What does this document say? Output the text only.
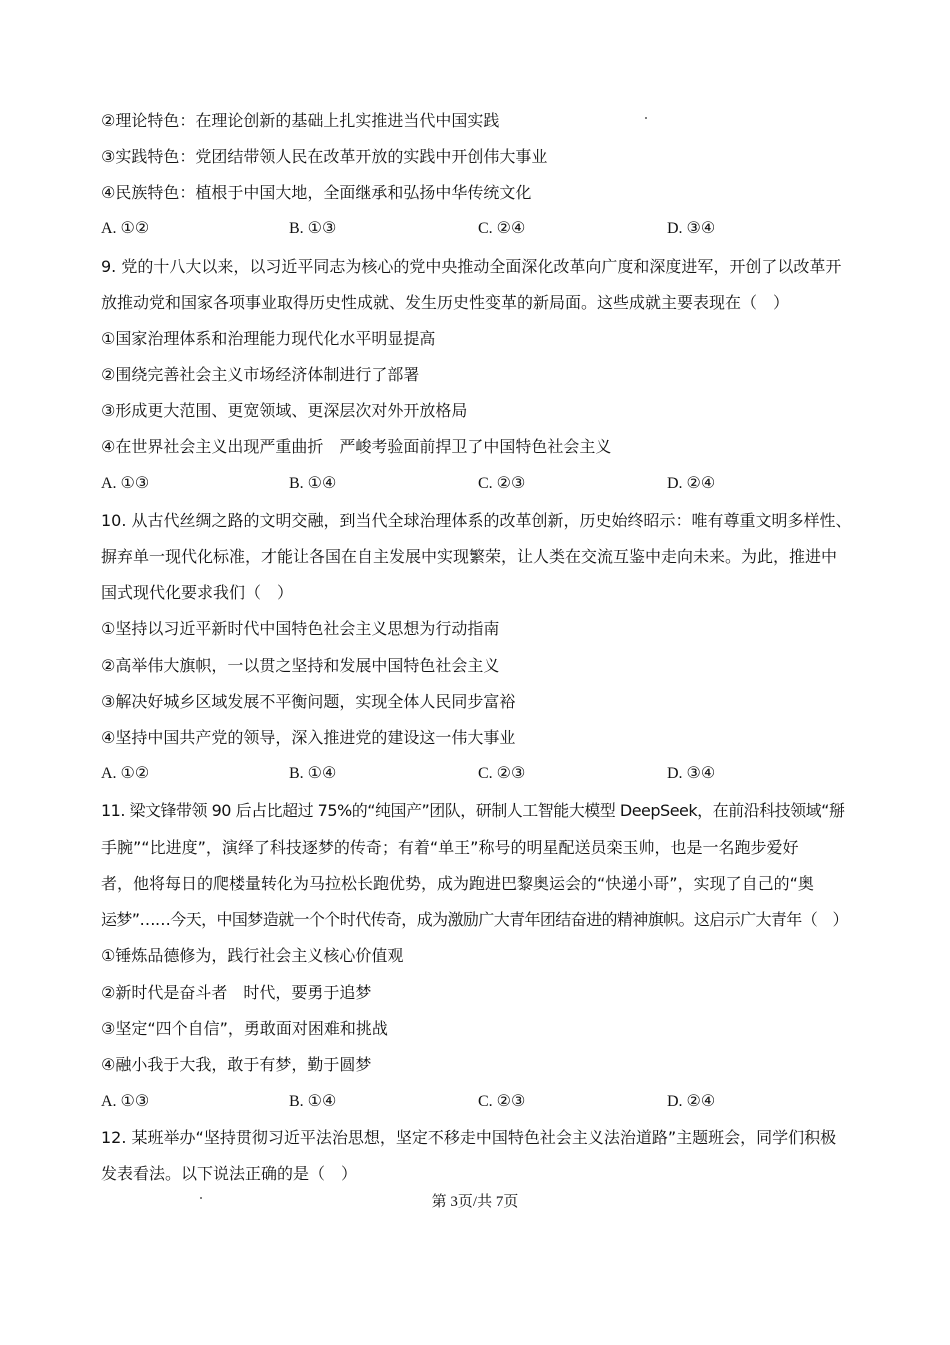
②理论特色：在理论创新的基础上扎实推进当代中国实践
③实践特色：党团结带领人民在改革开放的实践中开创伟大事业
④民族特色：植根于中国大地，全面继承和弘扬中华传统文化
A. ①②	B. ①③	C. ②④	D. ③④
9. 党的十八大以来，以习近平同志为核心的党中央推动全面深化改革向广度和深度进军，开创了以改革开
放推动党和国家各项事业取得历史性成就、发生历史性变革的新局面。这些成就主要表现在（　）
①国家治理体系和治理能力现代化水平明显提高
②围绕完善社会主义市场经济体制进行了部署
③形成更大范围、更宽领域、更深层次对外开放格局
④在世界社会主义出现严重曲折　严峻考验面前捍卫了中国特色社会主义
A. ①③	B. ①④	C. ②③	D. ②④
10. 从古代丝绸之路的文明交融，到当代全球治理体系的改革创新，历史始终昭示：唯有尊重文明多样性、
摒弃单一现代化标准，才能让各国在自主发展中实现繁荣，让人类在交流互鉴中走向未来。为此，推进中
国式现代化要求我们（　）
①坚持以习近平新时代中国特色社会主义思想为行动指南
②高举伟大旗帜，一以贯之坚持和发展中国特色社会主义
③解决好城乡区域发展不平衡问题，实现全体人民同步富裕
④坚持中国共产党的领导，深入推进党的建设这一伟大事业
A. ①②	B. ①④	C. ②③	D. ③④
11. 梁文锋带领 90 后占比超过 75%的“纯国产”团队，研制人工智能大模型 DeepSeek，在前沿科技领域“掰
手腕”“比进度”，演绎了科技逐梦的传奇；有着“单王”称号的明星配送员栾玉帅，也是一名跑步爱好
者，他将每日的爬楼量转化为马拉松长跑优势，成为跑进巴黎奥运会的“快递小哥”，实现了自己的“奥
运梦”……今天，中国梦造就一个个时代传奇，成为激励广大青年团结奋进的精神旗帜。这启示广大青年（　）
①锤炼品德修为，践行社会主义核心价值观
②新时代是奋斗者　时代，要勇于追梦
③坚定“四个自信”，勇敢面对困难和挑战
④融小我于大我，敢于有梦，勤于圆梦
A. ①③	B. ①④	C. ②③	D. ②④
12. 某班举办“坚持贯彻习近平法治思想，坚定不移走中国特色社会主义法治道路”主题班会，同学们积极
发表看法。以下说法正确的是（　）
第 3页/共 7页
